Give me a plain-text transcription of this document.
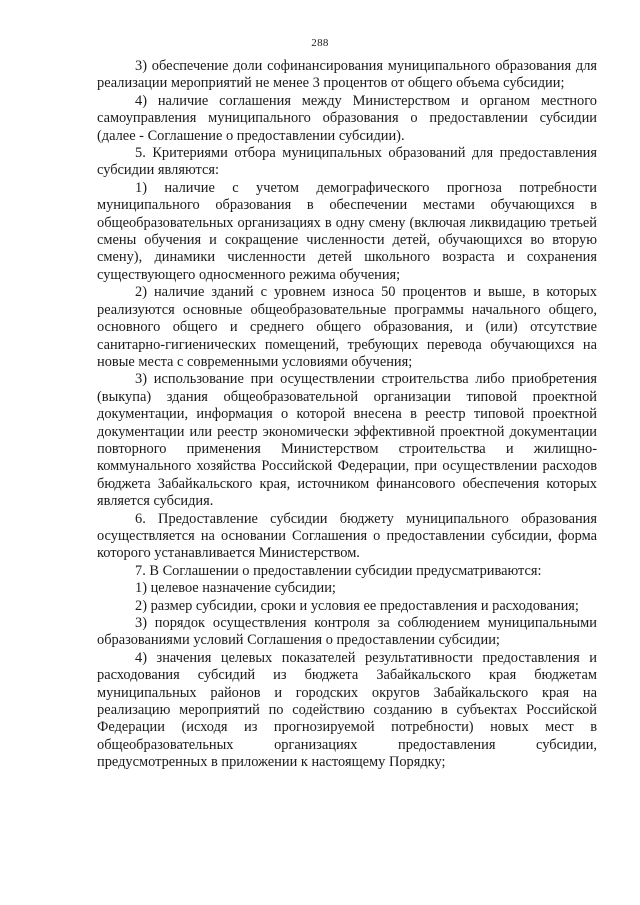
288

3) обеспечение доли софинансирования муниципального образования для реализации мероприятий не менее 3 процентов от общего объема субсидии;

4) наличие соглашения между Министерством и органом местного самоуправления муниципального образования о предоставлении субсидии (далее - Соглашение о предоставлении субсидии).

5. Критериями отбора муниципальных образований для предоставления субсидии являются:

1) наличие с учетом демографического прогноза потребности муниципального образования в обеспечении местами обучающихся в общеобразовательных организациях в одну смену (включая ликвидацию третьей смены обучения и сокращение численности детей, обучающихся во вторую смену), динамики численности детей школьного возраста и сохранения существующего односменного режима обучения;

2) наличие зданий с уровнем износа 50 процентов и выше, в которых реализуются основные общеобразовательные программы начального общего, основного общего и среднего общего образования, и (или) отсутствие санитарно-гигиенических помещений, требующих перевода обучающихся на новые места с современными условиями обучения;

3) использование при осуществлении строительства либо приобретения (выкупа) здания общеобразовательной организации типовой проектной документации, информация о которой внесена в реестр типовой проектной документации или реестр экономически эффективной проектной документации повторного применения Министерством строительства и жилищно-коммунального хозяйства Российской Федерации, при осуществлении расходов бюджета Забайкальского края, источником финансового обеспечения которых является субсидия.

6. Предоставление субсидии бюджету муниципального образования осуществляется на основании Соглашения о предоставлении субсидии, форма которого устанавливается Министерством.

7. В Соглашении о предоставлении субсидии предусматриваются:

1) целевое назначение субсидии;

2) размер субсидии, сроки и условия ее предоставления и расходования;

3) порядок осуществления контроля за соблюдением муниципальными образованиями условий Соглашения о предоставлении субсидии;

4) значения целевых показателей результативности предоставления и расходования субсидий из бюджета Забайкальского края бюджетам муниципальных районов и городских округов Забайкальского края на реализацию мероприятий по содействию созданию в субъектах Российской Федерации (исходя из прогнозируемой потребности) новых мест в общеобразовательных организациях предоставления субсидии, предусмотренных в приложении к настоящему Порядку;
